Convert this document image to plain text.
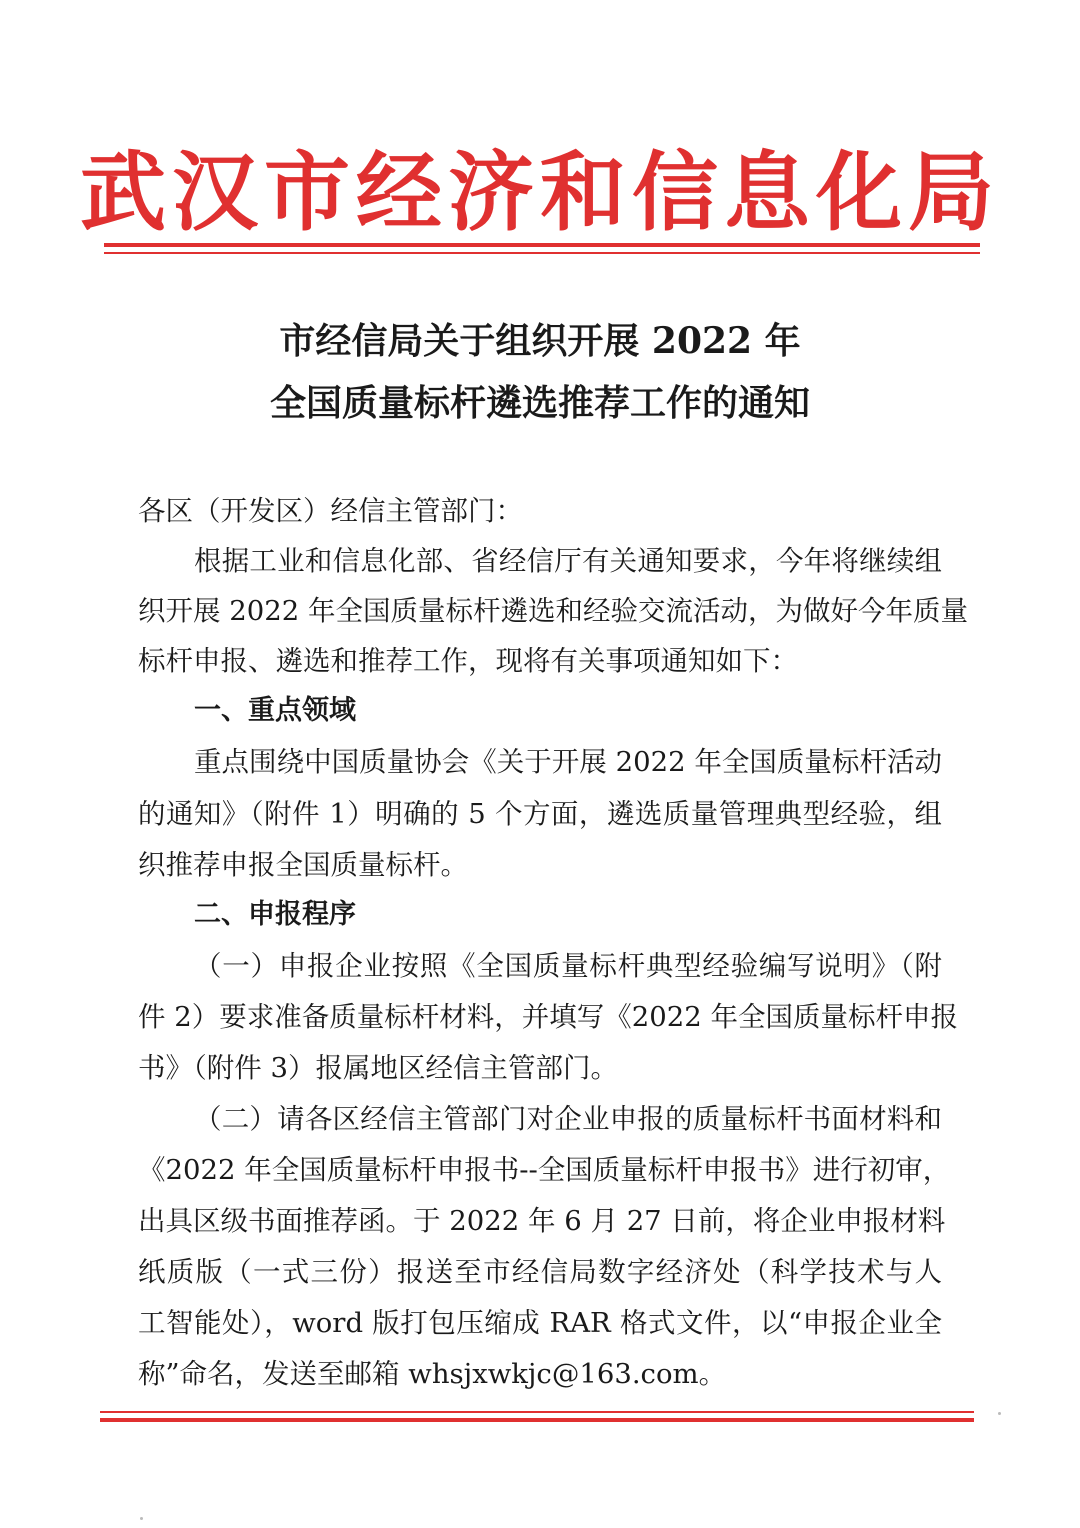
武汉市经济和信息化局
市经信局关于组织开展 2022 年
全国质量标杆遴选推荐工作的通知
各区（开发区）经信主管部门：
根据工业和信息化部、省经信厅有关通知要求，今年将继续组
织开展 2022 年全国质量标杆遴选和经验交流活动，为做好今年质量
标杆申报、遴选和推荐工作，现将有关事项通知如下：
一、重点领域
重点围绕中国质量协会《关于开展 2022 年全国质量标杆活动
的通知》（附件 1）明确的 5 个方面，遴选质量管理典型经验，组
织推荐申报全国质量标杆。
二、申报程序
（一）申报企业按照《全国质量标杆典型经验编写说明》（附
件 2）要求准备质量标杆材料，并填写《2022 年全国质量标杆申报
书》（附件 3）报属地区经信主管部门。
（二）请各区经信主管部门对企业申报的质量标杆书面材料和
《2022 年全国质量标杆申报书--全国质量标杆申报书》进行初审，
出具区级书面推荐函。于 2022 年 6 月 27 日前，将企业申报材料
纸质版（一式三份）报送至市经信局数字经济处（科学技术与人
工智能处），word 版打包压缩成 RAR 格式文件，以“申报企业全
称”命名，发送至邮箱 whsjxwkjc@163.com。
